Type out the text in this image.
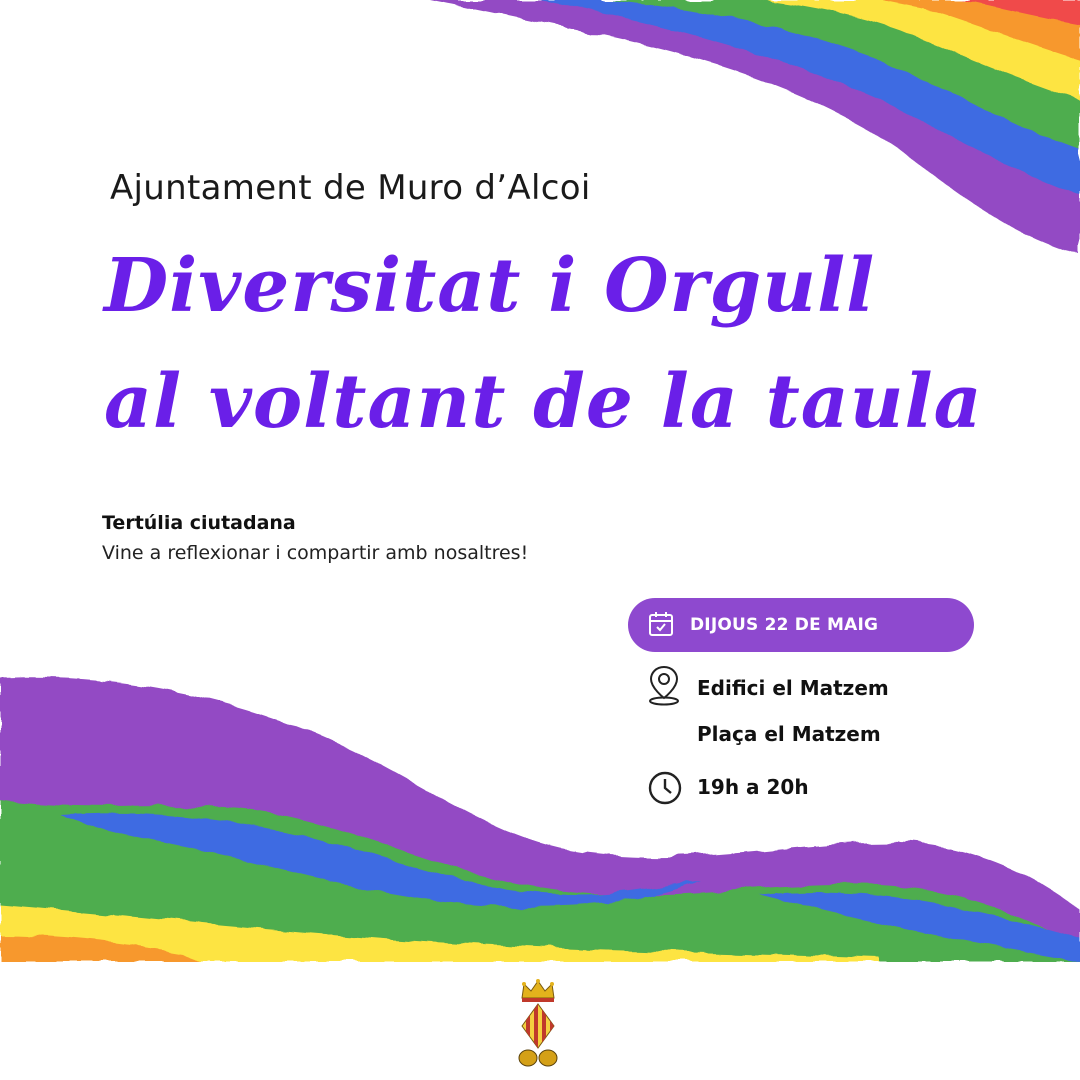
Ajuntament de Muro d’Alcoi
Diversitat i Orgull
al voltant de la taula
Tertúlia ciutadana
Vine a reflexionar i compartir amb nosaltres!
DIJOUS 22 DE MAIG
Edifici el Matzem
Plaça el Matzem
19h a 20h
